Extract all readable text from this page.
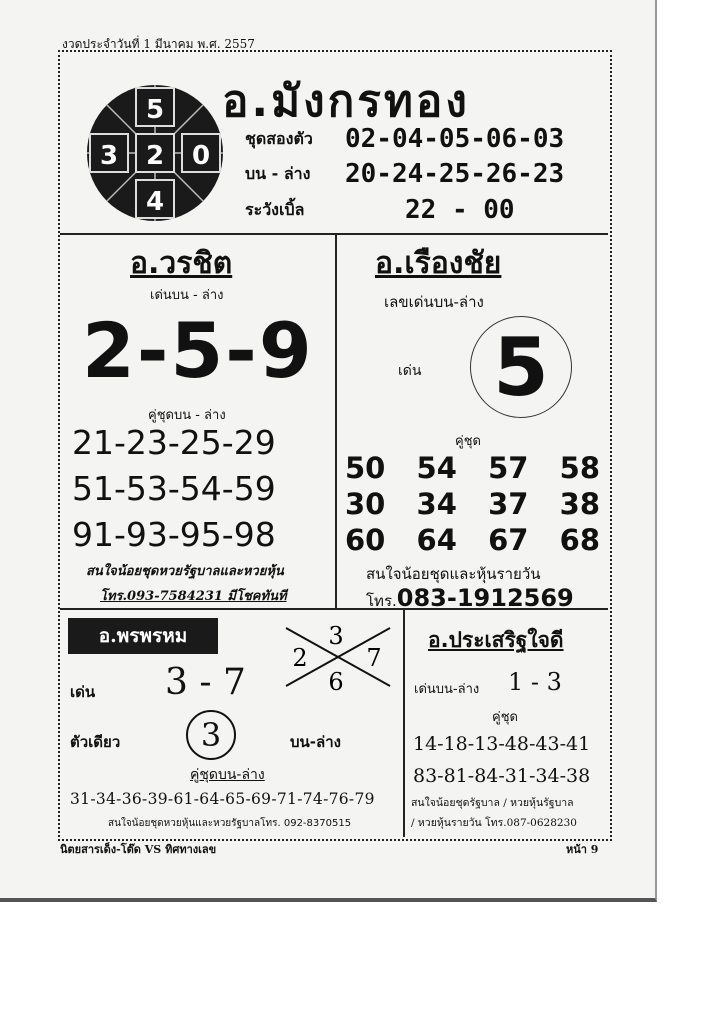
งวดประจำวันที่ 1 มีนาคม พ.ศ. 2557
5
3 2 0
4
อ.มังกรทอง
ชุดสองตัว	02-04-05-06-03
บน - ล่าง	20-24-25-26-23
ระวังเบิ้ล	22 - 00
อ.วรชิต
เด่นบน - ล่าง
2-5-9
คู่ชุดบน - ล่าง
21-23-25-29
51-53-54-59
91-93-95-98
สนใจน้อยชุดหวยรัฐบาลและหวยหุ้น
โทร.093-7584231 มีโชคทันที
อ.เรืองชัย
เลขเด่นบน-ล่าง
เด่น 5
คู่ชุด
50 54 57 58
30 34 37 38
60 64 67 68
สนใจน้อยชุดและหุ้นรายวัน
โทร. 083-1912569
อ.พรพรหม	3
2 7
6
เด่น 3 - 7
ตัวเดียว	3	บน-ล่าง
คู่ชุดบน-ล่าง
31-34-36-39-61-64-65-69-71-74-76-79
สนใจน้อยชุดหวยหุ้นและหวยรัฐบาลโทร. 092-8370515
อ.ประเสริฐใจดี
เด่นบน-ล่าง 1 - 3
คู่ชุด
14-18-13-48-43-41
83-81-84-31-34-38
สนใจน้อยชุดรัฐบาล / หวยหุ้นรัฐบาล
/ หวยหุ้นรายวัน โทร.087-0628230
นิตยสารเด็ง-โต๊ด VS ทิศทางเลข	หน้า 9
